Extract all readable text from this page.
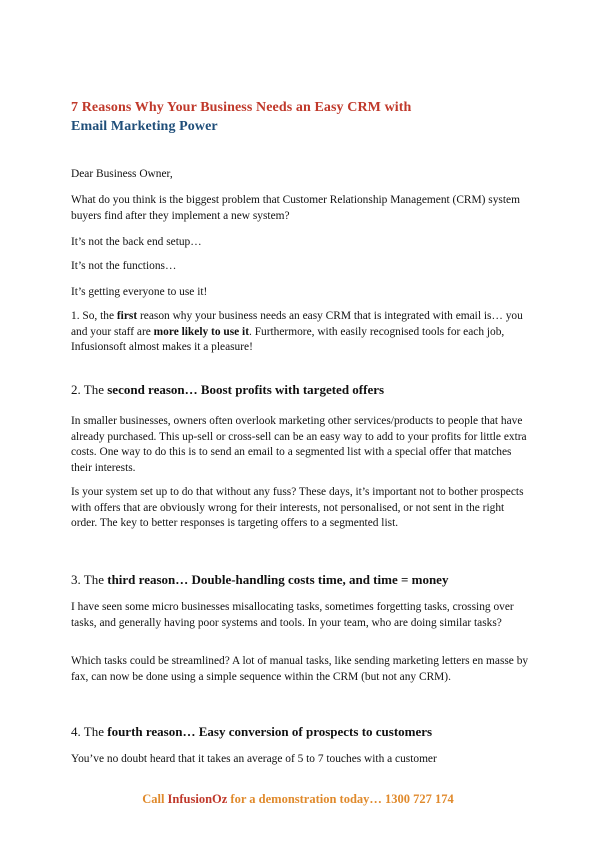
7 Reasons Why Your Business Needs an Easy CRM with
Email Marketing Power

Dear Business Owner,

What do you think is the biggest problem that Customer Relationship Management (CRM) system buyers find after they implement a new system?

It’s not the back end setup…

It’s not the functions…

It’s getting everyone to use it!

1. So, the first reason why your business needs an easy CRM that is integrated with email is… you and your staff are more likely to use it. Furthermore, with easily recognised tools for each job, Infusionsoft almost makes it a pleasure!

2. The second reason… Boost profits with targeted offers

In smaller businesses, owners often overlook marketing other services/products to people that have already purchased. This up-sell or cross-sell can be an easy way to add to your profits for little extra costs. One way to do this is to send an email to a segmented list with a special offer that matches their interests.

Is your system set up to do that without any fuss? These days, it’s important not to bother prospects with offers that are obviously wrong for their interests, not personalised, or not sent in the right order. The key to better responses is targeting offers to a segmented list.

3. The third reason… Double-handling costs time, and time = money

I have seen some micro businesses misallocating tasks, sometimes forgetting tasks, crossing over tasks, and generally having poor systems and tools. In your team, who are doing similar tasks?

Which tasks could be streamlined? A lot of manual tasks, like sending marketing letters en masse by fax, can now be done using a simple sequence within the CRM (but not any CRM).

4. The fourth reason… Easy conversion of prospects to customers

You’ve no doubt heard that it takes an average of 5 to 7 touches with a customer

Call InfusionOz for a demonstration today… 1300 727 174
